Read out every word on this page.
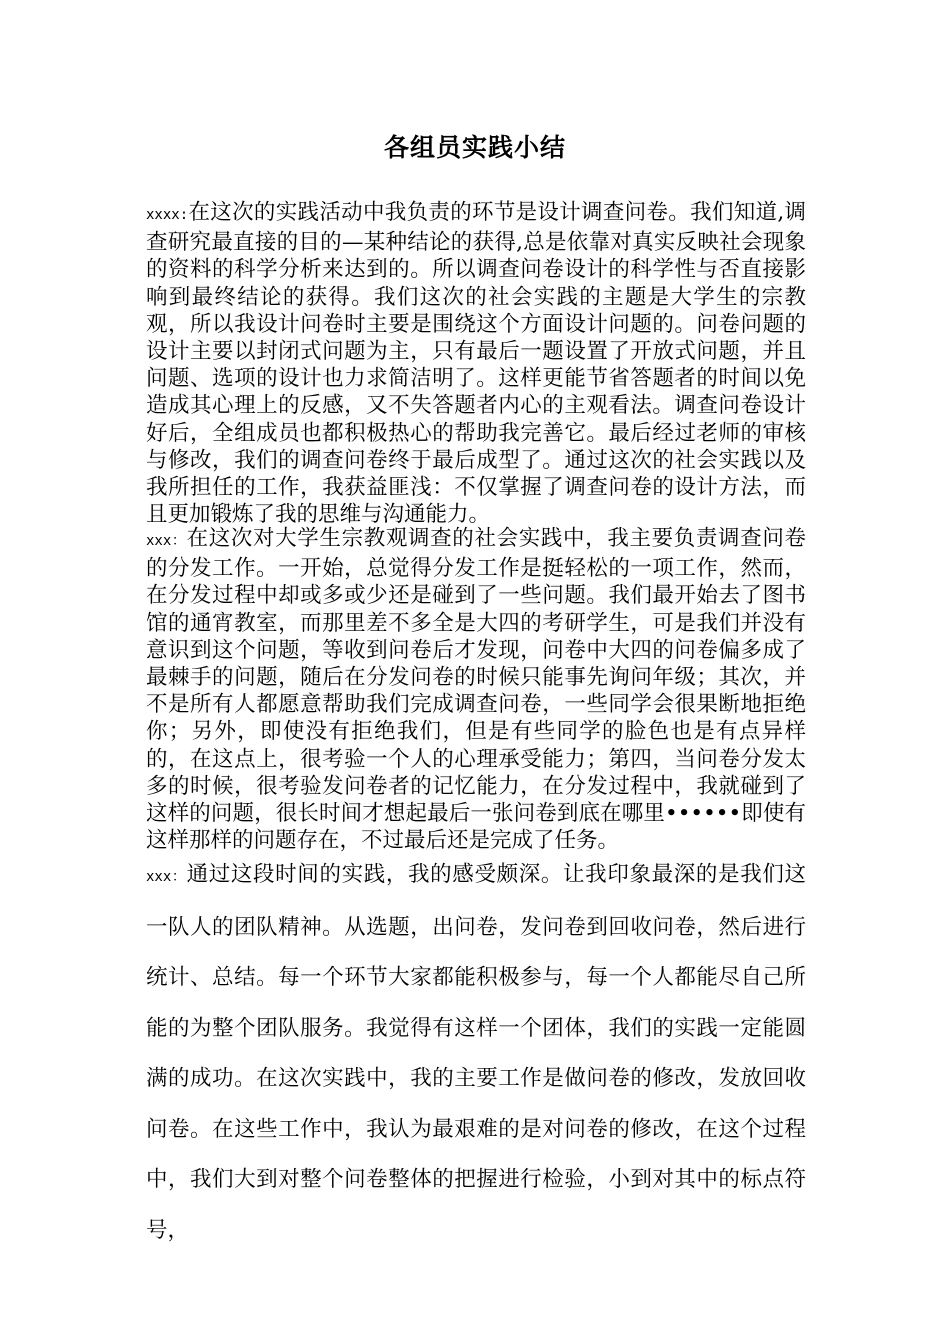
各组员实践小结

xxxx:在这次的实践活动中我负责的环节是设计调查问卷。我们知道,调查研究最直接的目的—某种结论的获得,总是依靠对真实反映社会现象的资料的科学分析来达到的。所以调查问卷设计的科学性与否直接影响到最终结论的获得。我们这次的社会实践的主题是大学生的宗教观，所以我设计问卷时主要是围绕这个方面设计问题的。问卷问题的设计主要以封闭式问题为主，只有最后一题设置了开放式问题，并且问题、选项的设计也力求简洁明了。这样更能节省答题者的时间以免造成其心理上的反感，又不失答题者内心的主观看法。调查问卷设计好后，全组成员也都积极热心的帮助我完善它。最后经过老师的审核与修改，我们的调查问卷终于最后成型了。通过这次的社会实践以及我所担任的工作，我获益匪浅：不仅掌握了调查问卷的设计方法，而且更加锻炼了我的思维与沟通能力。

xxx：在这次对大学生宗教观调查的社会实践中，我主要负责调查问卷的分发工作。一开始，总觉得分发工作是挺轻松的一项工作，然而，在分发过程中却或多或少还是碰到了一些问题。我们最开始去了图书馆的通宵教室，而那里差不多全是大四的考研学生，可是我们并没有意识到这个问题，等收到问卷后才发现，问卷中大四的问卷偏多成了最棘手的问题，随后在分发问卷的时候只能事先询问年级；其次，并不是所有人都愿意帮助我们完成调查问卷，一些同学会很果断地拒绝你；另外，即使没有拒绝我们，但是有些同学的脸色也是有点异样的，在这点上，很考验一个人的心理承受能力；第四，当问卷分发太多的时候，很考验发问卷者的记忆能力，在分发过程中，我就碰到了这样的问题，很长时间才想起最后一张问卷到底在哪里••••••即使有这样那样的问题存在，不过最后还是完成了任务。

xxx：通过这段时间的实践，我的感受颇深。让我印象最深的是我们这一队人的团队精神。从选题，出问卷，发问卷到回收问卷，然后进行统计、总结。每一个环节大家都能积极参与，每一个人都能尽自己所能的为整个团队服务。我觉得有这样一个团体，我们的实践一定能圆满的成功。在这次实践中，我的主要工作是做问卷的修改，发放回收问卷。在这些工作中，我认为最艰难的是对问卷的修改，在这个过程中，我们大到对整个问卷整体的把握进行检验，小到对其中的标点符号，
